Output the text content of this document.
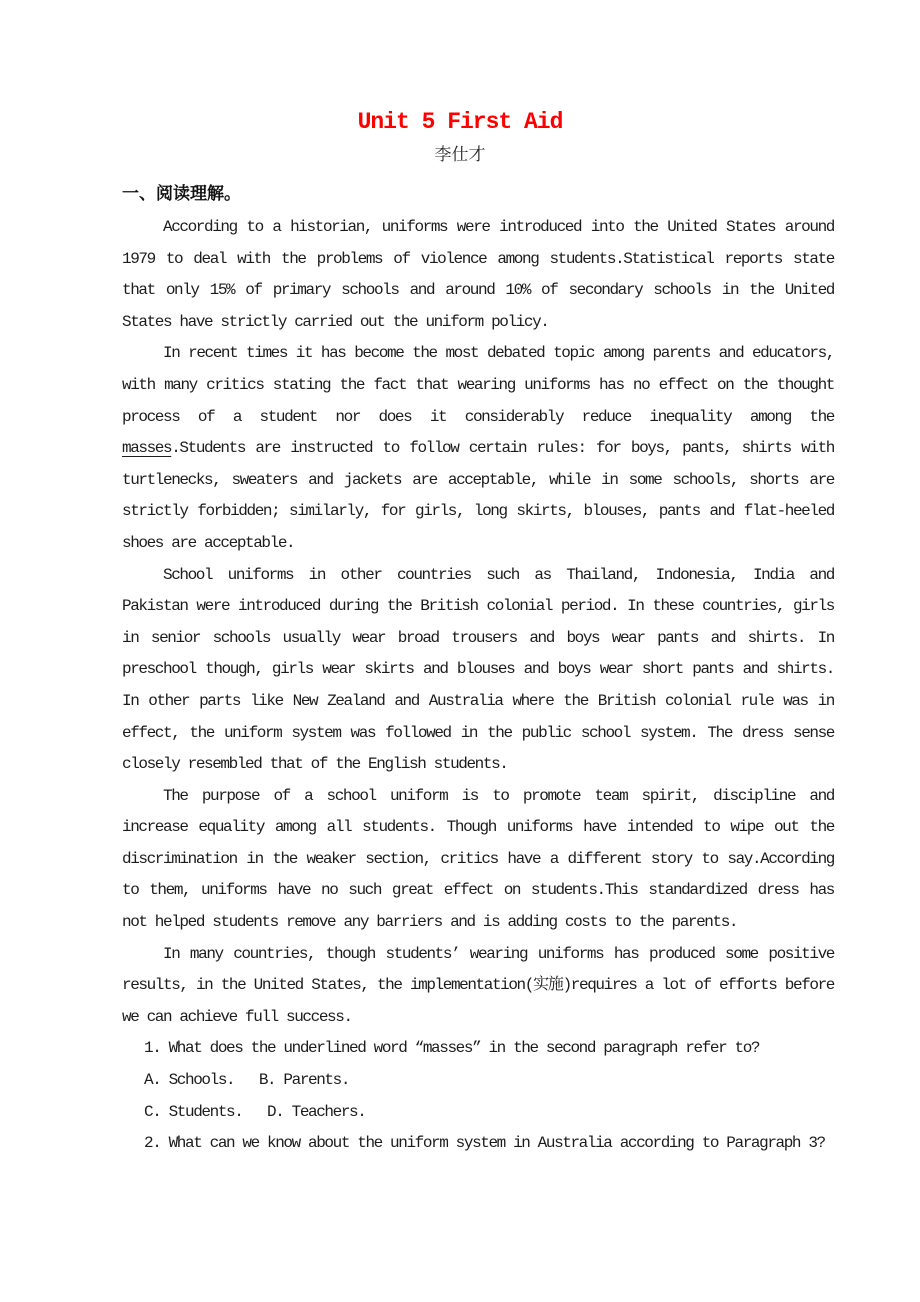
Unit 5 First Aid
李仕才
一、阅读理解。

According to a historian, uniforms were introduced into the United States around 1979 to deal with the problems of violence among students.Statistical reports state that only 15% of primary schools and around 10% of secondary schools in the United States have strictly carried out the uniform policy.

In recent times it has become the most debated topic among parents and educators, with many critics stating the fact that wearing uniforms has no effect on the thought process of a student nor does it considerably reduce inequality among the masses.Students are instructed to follow certain rules: for boys, pants, shirts with turtlenecks, sweaters and jackets are acceptable, while in some schools, shorts are strictly forbidden; similarly, for girls, long skirts, blouses, pants and flat-heeled shoes are acceptable.

School uniforms in other countries such as Thailand, Indonesia, India and Pakistan were introduced during the British colonial period. In these countries, girls in senior schools usually wear broad trousers and boys wear pants and shirts. In preschool though, girls wear skirts and blouses and boys wear short pants and shirts. In other parts like New Zealand and Australia where the British colonial rule was in effect, the uniform system was followed in the public school system. The dress sense closely resembled that of the English students.

The purpose of a school uniform is to promote team spirit, discipline and increase equality among all students. Though uniforms have intended to wipe out the discrimination in the weaker section, critics have a different story to say.According to them, uniforms have no such great effect on students.This standardized dress has not helped students remove any barriers and is adding costs to the parents.

In many countries, though students’ wearing uniforms has produced some positive results, in the United States, the implementation(实施)requires a lot of efforts before we can achieve full success.

1. What does the underlined word “masses” in the second paragraph refer to?

A. Schools.   B. Parents.

C. Students.   D. Teachers.

2. What can we know about the uniform system in Australia according to Paragraph 3?
